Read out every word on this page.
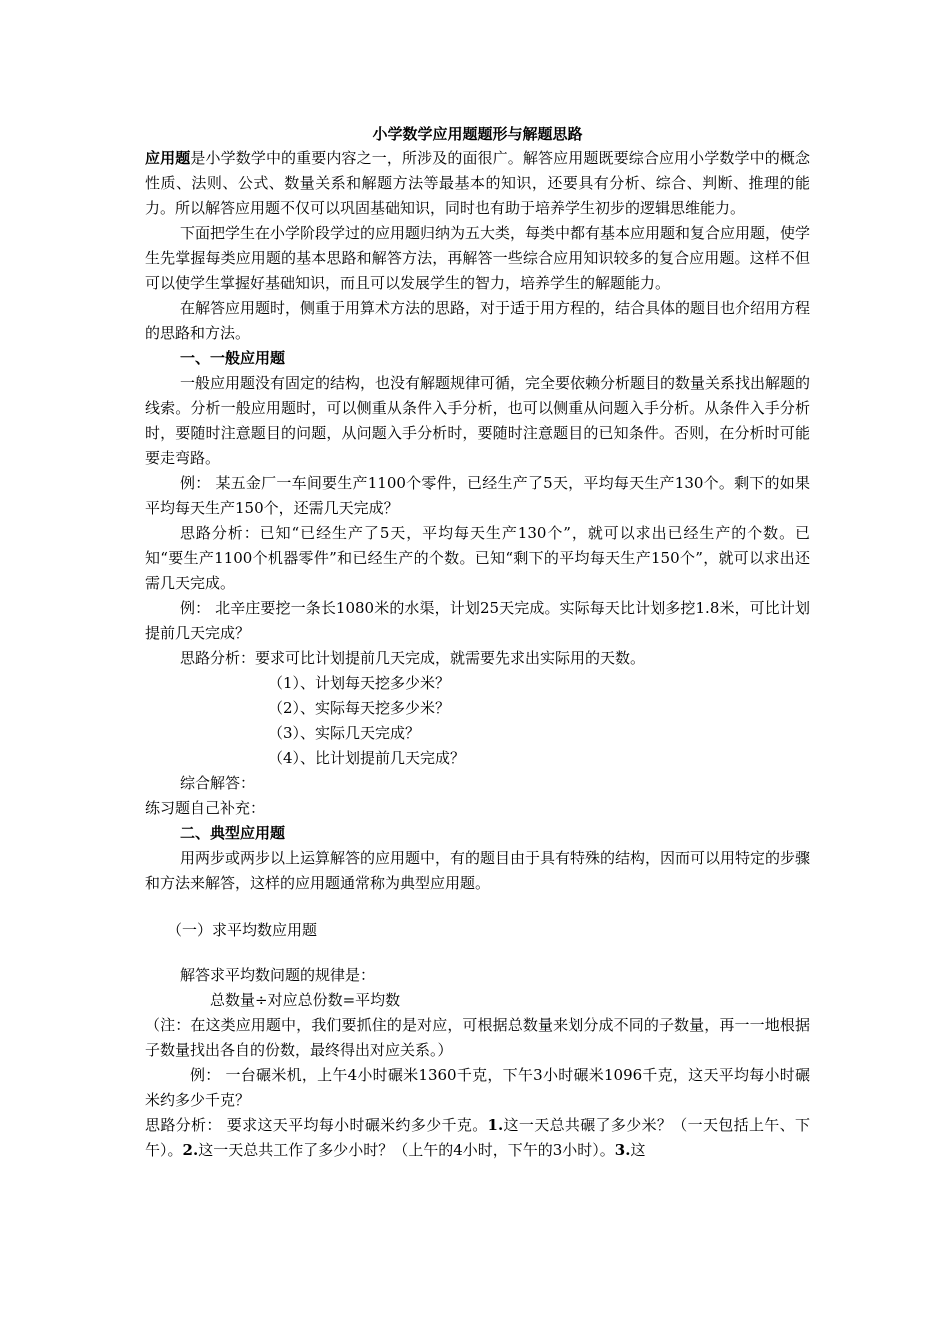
小学数学应用题题形与解题思路

应用题是小学数学中的重要内容之一，所涉及的面很广。解答应用题既要综合应用小学数学中的概念性质、法则、公式、数量关系和解题方法等最基本的知识，还要具有分析、综合、判断、推理的能力。所以解答应用题不仅可以巩固基础知识，同时也有助于培养学生初步的逻辑思维能力。

下面把学生在小学阶段学过的应用题归纳为五大类，每类中都有基本应用题和复合应用题，使学生先掌握每类应用题的基本思路和解答方法，再解答一些综合应用知识较多的复合应用题。这样不但可以使学生掌握好基础知识，而且可以发展学生的智力，培养学生的解题能力。

在解答应用题时，侧重于用算术方法的思路，对于适于用方程的，结合具体的题目也介绍用方程的思路和方法。

一、一般应用题

一般应用题没有固定的结构，也没有解题规律可循，完全要依赖分析题目的数量关系找出解题的线索。分析一般应用题时，可以侧重从条件入手分析，也可以侧重从问题入手分析。从条件入手分析时，要随时注意题目的问题，从问题入手分析时，要随时注意题目的已知条件。否则，在分析时可能要走弯路。

例： 某五金厂一车间要生产1100个零件，已经生产了5天，平均每天生产130个。剩下的如果平均每天生产150个，还需几天完成？

思路分析：已知“已经生产了5天，平均每天生产130个”，就可以求出已经生产的个数。已知“要生产1100个机器零件”和已经生产的个数。已知“剩下的平均每天生产150个”，就可以求出还需几天完成。

例： 北辛庄要挖一条长1080米的水渠，计划25天完成。实际每天比计划多挖1.8米，可比计划提前几天完成？

思路分析：要求可比计划提前几天完成，就需要先求出实际用的天数。

（1）、计划每天挖多少米？

（2）、实际每天挖多少米？

（3）、实际几天完成？

（4）、比计划提前几天完成？

综合解答：

练习题自己补充：

二、典型应用题

用两步或两步以上运算解答的应用题中，有的题目由于具有特殊的结构，因而可以用特定的步骤和方法来解答，这样的应用题通常称为典型应用题。

（一）求平均数应用题

解答求平均数问题的规律是：

总数量÷对应总份数=平均数

（注：在这类应用题中，我们要抓住的是对应，可根据总数量来划分成不同的子数量，再一一地根据子数量找出各自的份数，最终得出对应关系。）

例： 一台碾米机，上午4小时碾米1360千克，下午3小时碾米1096千克，这天平均每小时碾米约多少千克？

思路分析： 要求这天平均每小时碾米约多少千克。1.这一天总共碾了多少米？（一天包括上午、下午）。2.这一天总共工作了多少小时？（上午的4小时，下午的3小时）。3.这
